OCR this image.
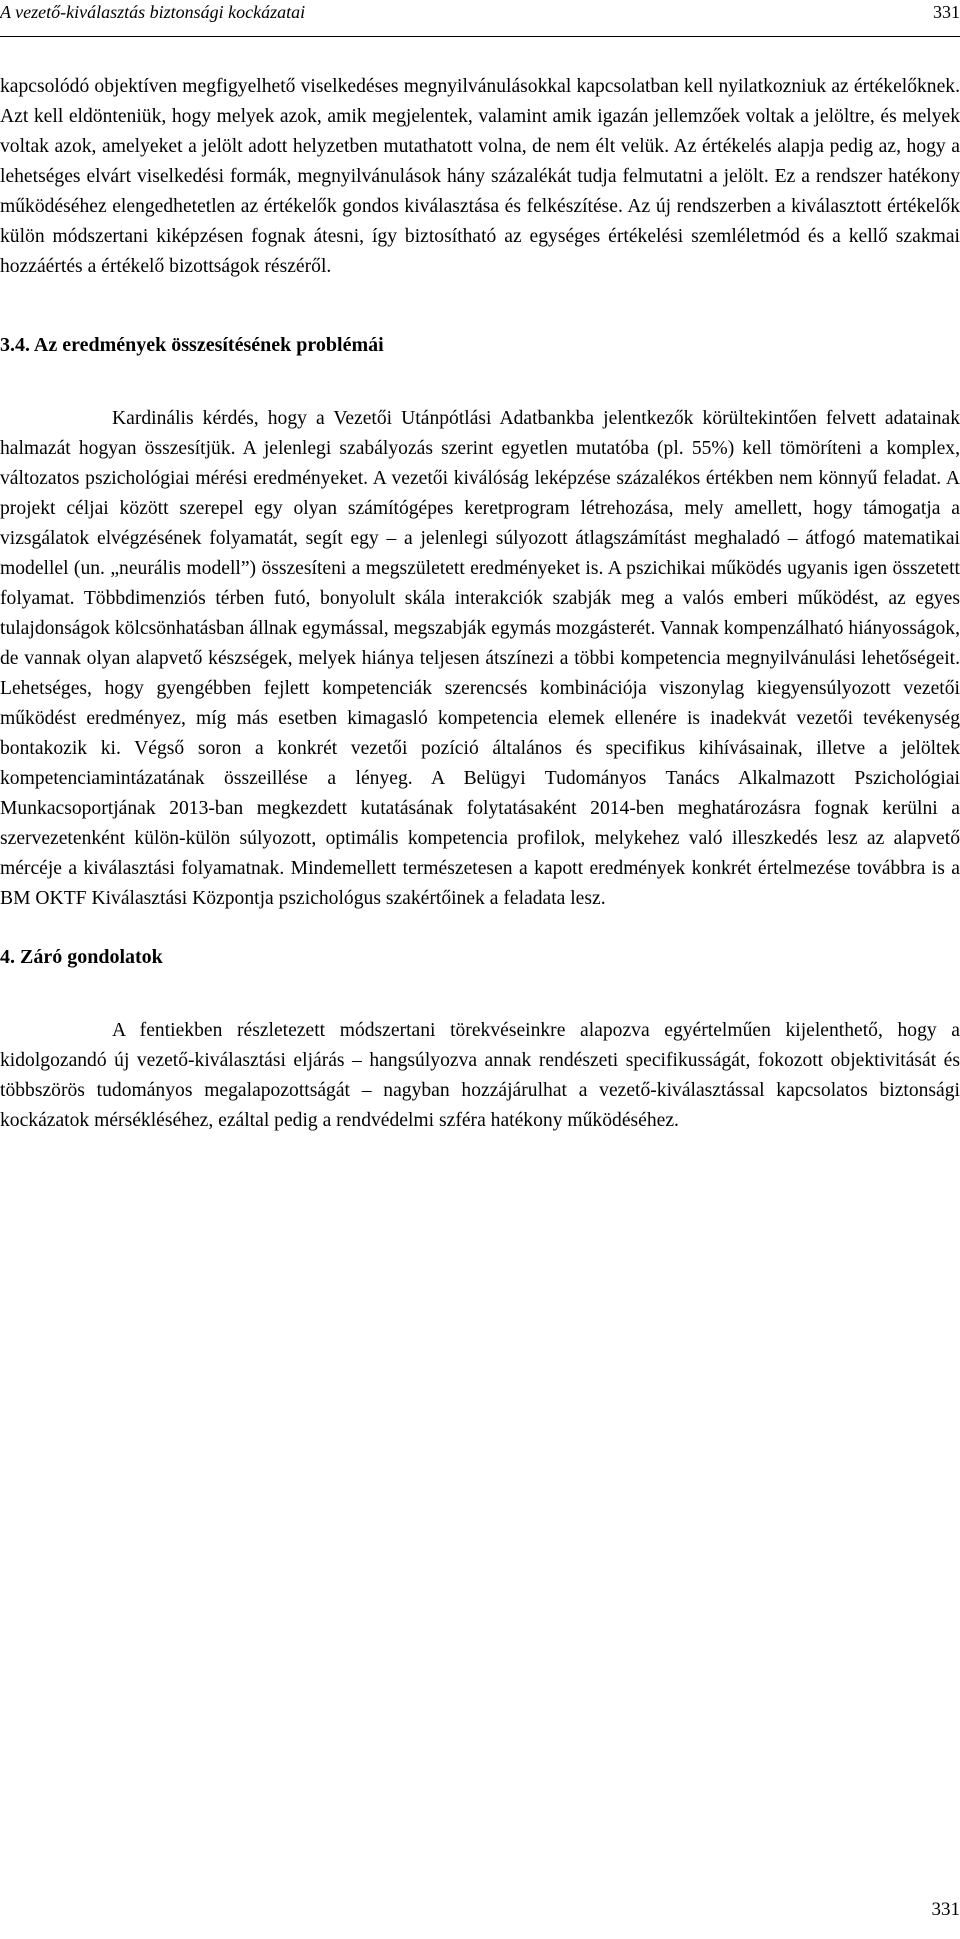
A vezető-kiválasztás biztonsági kockázatai	331

kapcsolódó objektíven megfigyelhető viselkedéses megnyilvánulásokkal kapcsolatban kell nyilatkozniuk az értékelőknek. Azt kell eldönteniük, hogy melyek azok, amik megjelentek, valamint amik igazán jellemzőek voltak a jelöltre, és melyek voltak azok, amelyeket a jelölt adott helyzetben mutathatott volna, de nem élt velük. Az értékelés alapja pedig az, hogy a lehetséges elvárt viselkedési formák, megnyilvánulások hány százalékát tudja felmutatni a jelölt. Ez a rendszer hatékony működéséhez elengedhetetlen az értékelők gondos kiválasztása és felkészítése. Az új rendszerben a kiválasztott értékelők külön módszertani kiképzésen fognak átesni, így biztosítható az egységes értékelési szemléletmód és a kellő szakmai hozzáértés a értékelő bizottságok részéről.

3.4. Az eredmények összesítésének problémái

Kardinális kérdés, hogy a Vezetői Utánpótlási Adatbankba jelentkezők körültekintően felvett adatainak halmazát hogyan összesítjük. A jelenlegi szabályozás szerint egyetlen mutatóba (pl. 55%) kell tömöríteni a komplex, változatos pszichológiai mérési eredményeket. A vezetői kiválóság leképzése százalékos értékben nem könnyű feladat. A projekt céljai között szerepel egy olyan számítógépes keretprogram létrehozása, mely amellett, hogy támogatja a vizsgálatok elvégzésének folyamatát, segít egy – a jelenlegi súlyozott átlagszámítást meghaladó – átfogó matematikai modellel (un. „neurális modell”) összesíteni a megszületett eredményeket is. A pszichikai működés ugyanis igen összetett folyamat. Többdimenziós térben futó, bonyolult skála interakciók szabják meg a valós emberi működést, az egyes tulajdonságok kölcsönhatásban állnak egymással, megszabják egymás mozgásterét. Vannak kompenzálható hiányosságok, de vannak olyan alapvető készségek, melyek hiánya teljesen átszínezi a többi kompetencia megnyilvánulási lehetőségeit. Lehetséges, hogy gyengébben fejlett kompetenciák szerencsés kombinációja viszonylag kiegyensúlyozott vezetői működést eredményez, míg más esetben kimagasló kompetencia elemek ellenére is inadekvát vezetői tevékenység bontakozik ki. Végső soron a konkrét vezetői pozíció általános és specifikus kihívásainak, illetve a jelöltek kompetenciamintázatának összeillése a lényeg. A Belügyi Tudományos Tanács Alkalmazott Pszichológiai Munkacsoportjának 2013-ban megkezdett kutatásának folytatásaként 2014-ben meghatározásra fognak kerülni a szervezetenként külön-külön súlyozott, optimális kompetencia profilok, melykehez való illeszkedés lesz az alapvető mércéje a kiválasztási folyamatnak. Mindemellett természetesen a kapott eredmények konkrét értelmezése továbbra is a BM OKTF Kiválasztási Központja pszichológus szakértőinek a feladata lesz.

4. Záró gondolatok

A fentiekben részletezett módszertani törekvéseinkre alapozva egyértelműen kijelenthető, hogy a kidolgozandó új vezető-kiválasztási eljárás – hangsúlyozva annak rendészeti specifikusságát, fokozott objektivitását és többszörös tudományos megalapozottságát – nagyban hozzájárulhat a vezető-kiválasztással kapcsolatos biztonsági kockázatok mérsékléséhez, ezáltal pedig a rendvédelmi szféra hatékony működéséhez.

331
